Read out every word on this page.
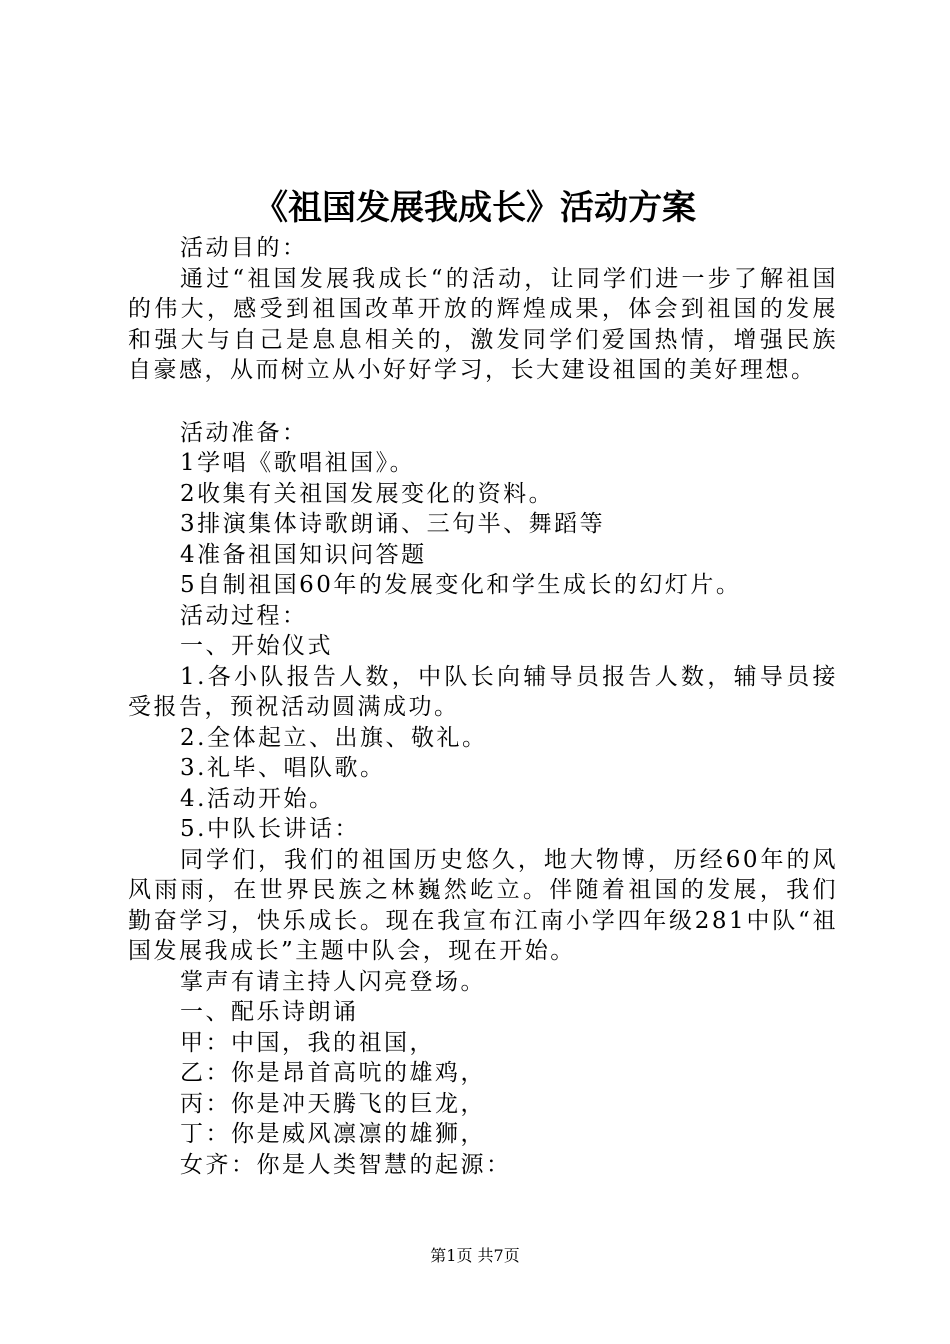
《祖国发展我成长》活动方案

活动目的：

通过“祖国发展我成长“的活动，让同学们进一步了解祖国的伟大，感受到祖国改革开放的辉煌成果，体会到祖国的发展和强大与自己是息息相关的，激发同学们爱国热情，增强民族自豪感，从而树立从小好好学习，长大建设祖国的美好理想。

活动准备：

1学唱《歌唱祖国》。

2收集有关祖国发展变化的资料。

3排演集体诗歌朗诵、三句半、舞蹈等

4准备祖国知识问答题

5自制祖国60年的发展变化和学生成长的幻灯片。

活动过程：

一、开始仪式

1.各小队报告人数，中队长向辅导员报告人数，辅导员接受报告，预祝活动圆满成功。

2.全体起立、出旗、敬礼。

3.礼毕、唱队歌。

4.活动开始。

5.中队长讲话：

同学们，我们的祖国历史悠久，地大物博，历经60年的风风雨雨，在世界民族之林巍然屹立。伴随着祖国的发展，我们勤奋学习，快乐成长。现在我宣布江南小学四年级281中队“祖国发展我成长”主题中队会，现在开始。

掌声有请主持人闪亮登场。

一、配乐诗朗诵

甲：中国，我的祖国，

乙：你是昂首高吭的雄鸡，

丙：你是冲天腾飞的巨龙，

丁：你是威风凛凛的雄狮，

女齐：你是人类智慧的起源：

第1页 共7页
